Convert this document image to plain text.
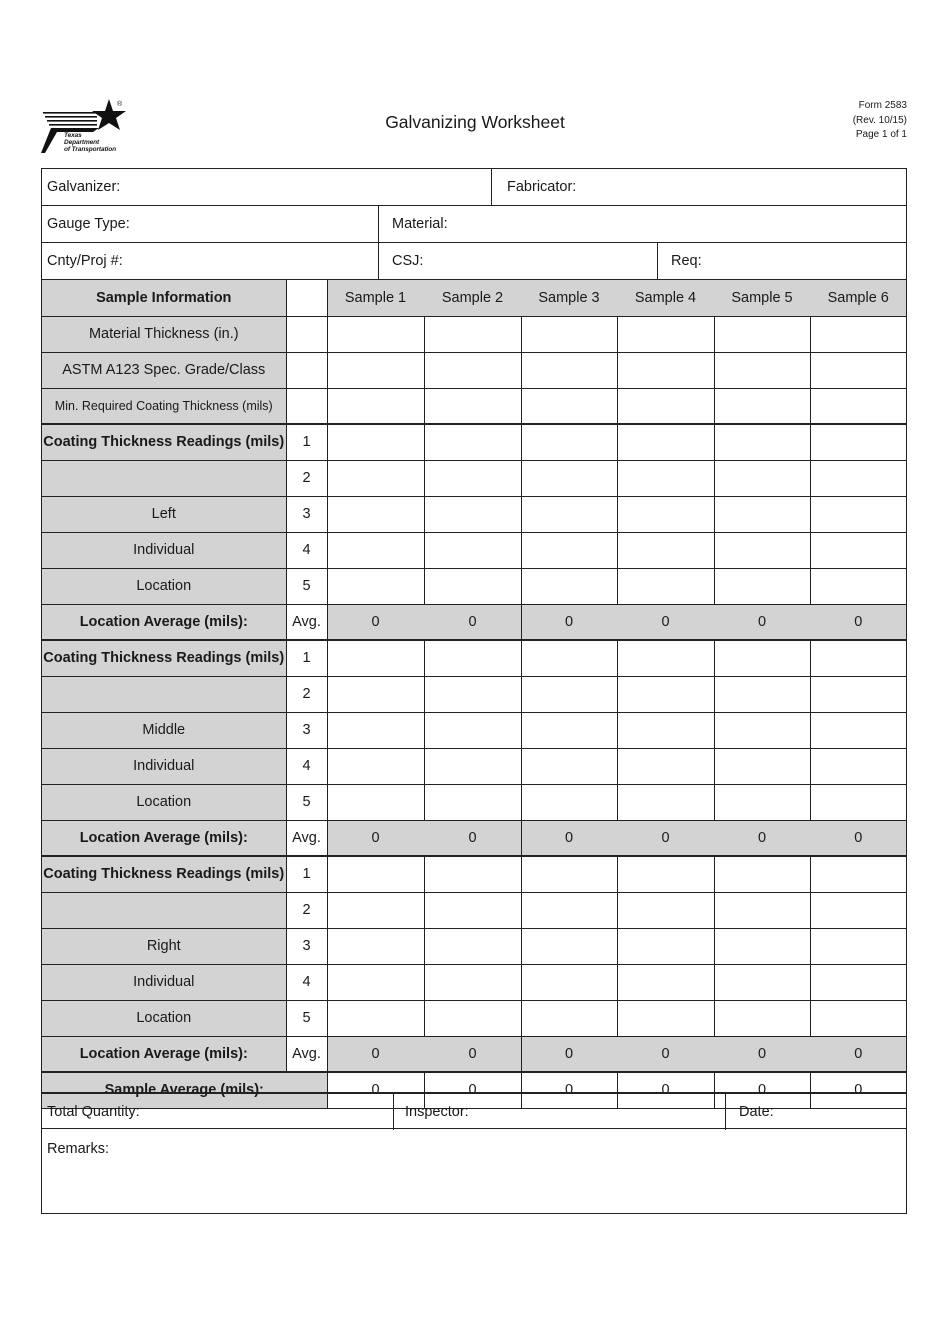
Texas
Department
of Transportation
®
Galvanizing Worksheet
Form 2583
(Rev. 10/15)
Page 1 of 1
Galvanizer:	Fabricator:
Gauge Type:	Material:
Cnty/Proj #:	CSJ:	Req:
Sample Information		Sample 1	Sample 2	Sample 3	Sample 4	Sample 5	Sample 6
Material Thickness (in.)							
ASTM A123 Spec. Grade/Class							
Min. Required Coating Thickness (mils)							
Coating Thickness Readings (mils)	1						
	2						
Left	3						
Individual	4						
Location	5						
Location Average (mils):	Avg.	0	0	0	0	0	0
Coating Thickness Readings (mils)	1						
	2						
Middle	3						
Individual	4						
Location	5						
Location Average (mils):	Avg.	0	0	0	0	0	0
Coating Thickness Readings (mils)	1						
	2						
Right	3						
Individual	4						
Location	5						
Location Average (mils):	Avg.	0	0	0	0	0	0
Sample Average (mils):		0	0	0	0	0	0
Total Quantity:	Inspector:	Date:
Remarks:
